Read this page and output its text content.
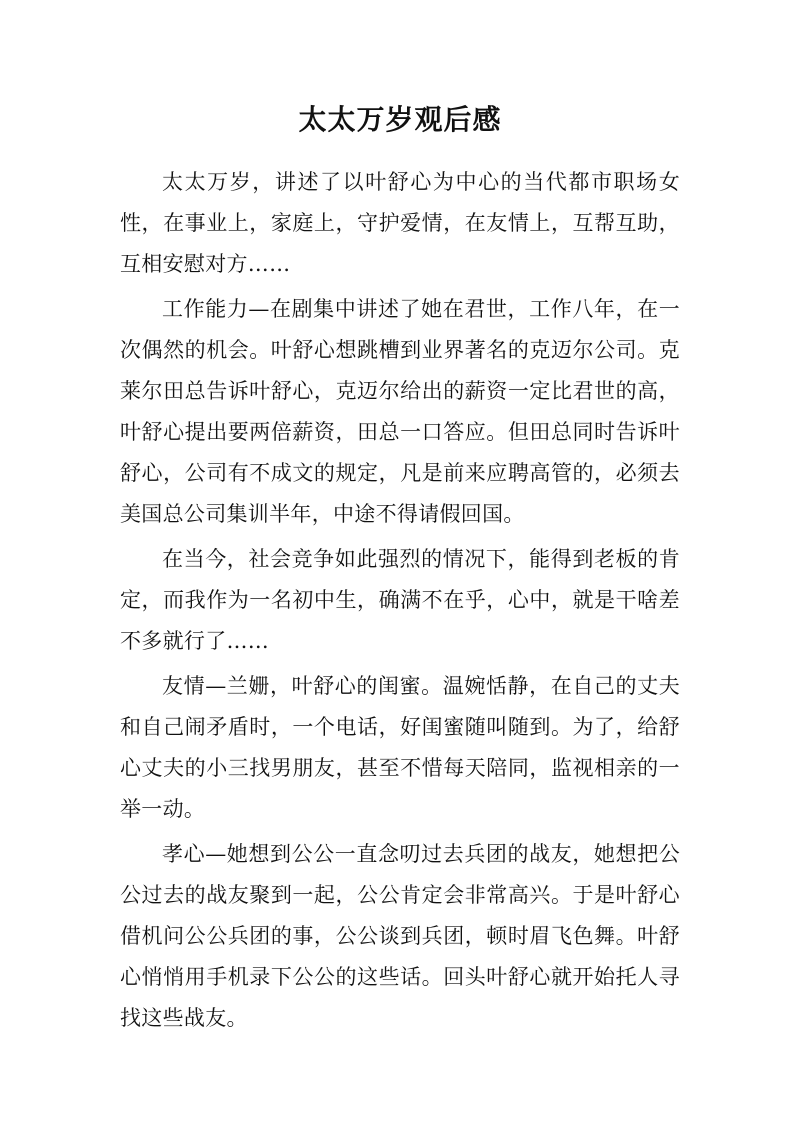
太太万岁观后感

太太万岁，讲述了以叶舒心为中心的当代都市职场女性，在事业上，家庭上，守护爱情，在友情上，互帮互助，互相安慰对方……

工作能力—在剧集中讲述了她在君世，工作八年，在一次偶然的机会。叶舒心想跳槽到业界著名的克迈尔公司。克莱尔田总告诉叶舒心，克迈尔给出的薪资一定比君世的高，叶舒心提出要两倍薪资，田总一口答应。但田总同时告诉叶舒心，公司有不成文的规定，凡是前来应聘高管的，必须去美国总公司集训半年，中途不得请假回国。

在当今，社会竞争如此强烈的情况下，能得到老板的肯定，而我作为一名初中生，确满不在乎，心中，就是干啥差不多就行了……

友情—兰姗，叶舒心的闺蜜。温婉恬静，在自己的丈夫和自己闹矛盾时，一个电话，好闺蜜随叫随到。为了，给舒心丈夫的小三找男朋友，甚至不惜每天陪同，监视相亲的一举一动。

孝心—她想到公公一直念叨过去兵团的战友，她想把公公过去的战友聚到一起，公公肯定会非常高兴。于是叶舒心借机问公公兵团的事，公公谈到兵团，顿时眉飞色舞。叶舒心悄悄用手机录下公公的这些话。回头叶舒心就开始托人寻找这些战友。
